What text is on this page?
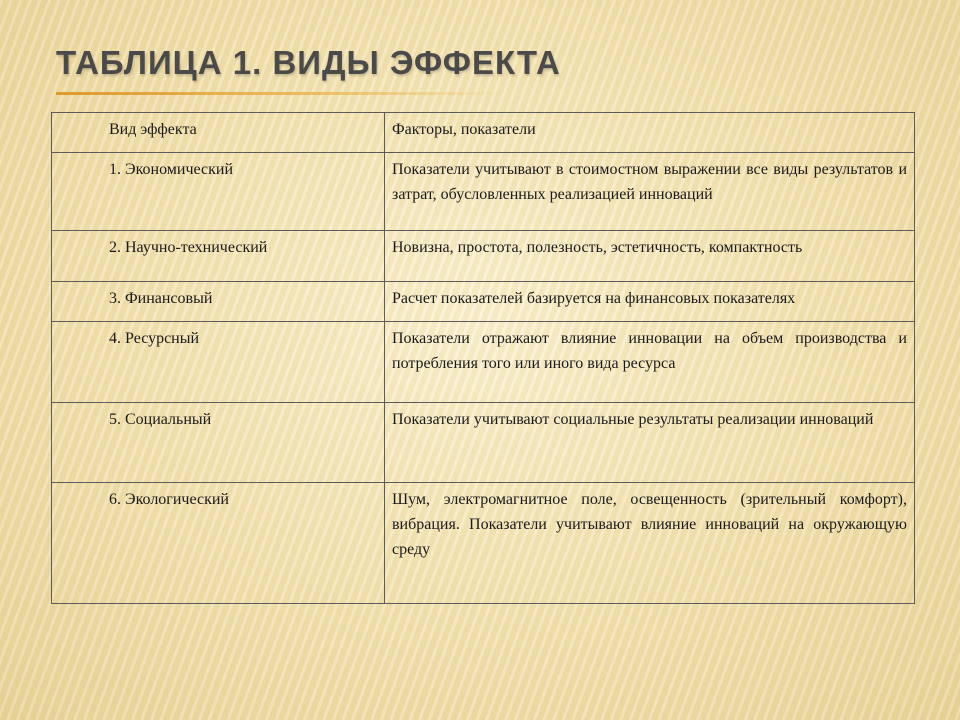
ТАБЛИЦА 1. ВИДЫ ЭФФЕКТА
Вид эффекта	Факторы, показатели
1. Экономический	Показатели учитывают в стоимостном выражении все виды результатов и затрат, обусловленных реализацией инноваций
2. Научно-технический	Новизна, простота, полезность, эстетичность, компактность
3. Финансовый	Расчет показателей базируется на финансовых показателях
4. Ресурсный	Показатели отражают влияние инновации на объем производства и потребления того или иного вида ресурса
5. Социальный	Показатели учитывают социальные результаты реализации инноваций
6. Экологический	Шум, электромагнитное поле, освещенность (зрительный комфорт), вибрация. Показатели учитывают влияние инноваций на окружающую среду
